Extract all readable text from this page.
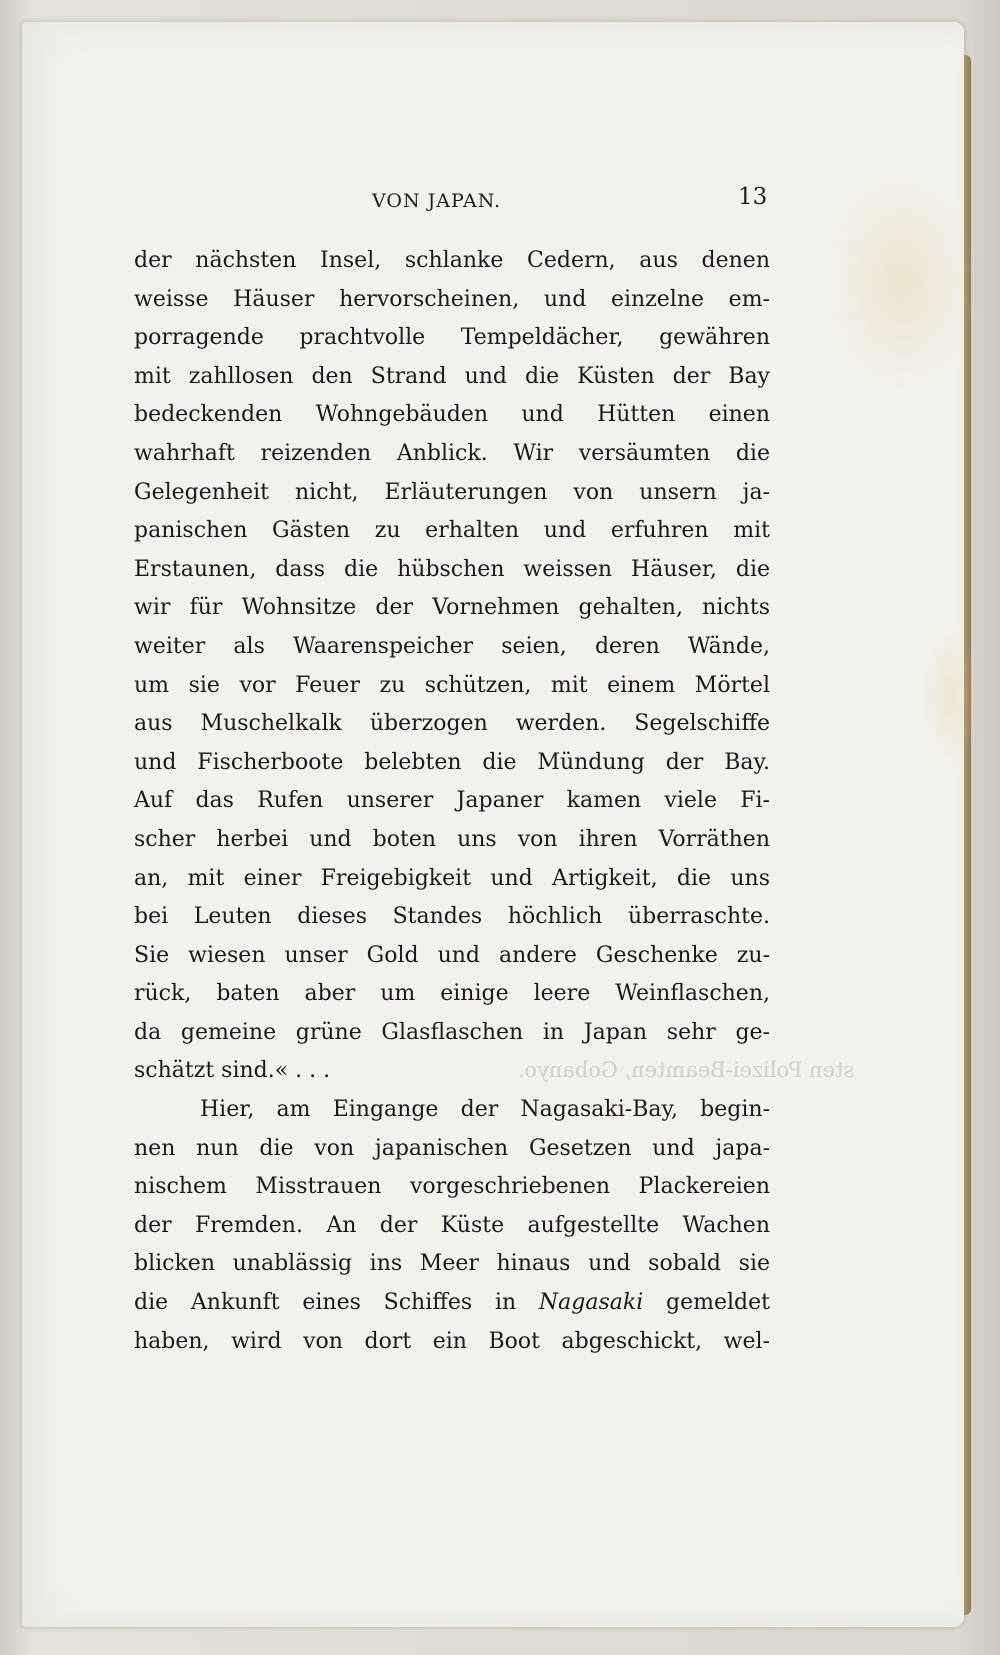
VON JAPAN.	13
sten Polizei-Beamten, Gobanyo.
der nächsten Insel, schlanke Cedern, aus denen
weisse Häuser hervorscheinen, und einzelne em-
porragende prachtvolle Tempeldächer, gewähren
mit zahllosen den Strand und die Küsten der Bay
bedeckenden Wohngebäuden und Hütten einen
wahrhaft reizenden Anblick. Wir versäumten die
Gelegenheit nicht, Erläuterungen von unsern ja-
panischen Gästen zu erhalten und erfuhren mit
Erstaunen, dass die hübschen weissen Häuser, die
wir für Wohnsitze der Vornehmen gehalten, nichts
weiter als Waarenspeicher seien, deren Wände,
um sie vor Feuer zu schützen, mit einem Mörtel
aus Muschelkalk überzogen werden. Segelschiffe
und Fischerboote belebten die Mündung der Bay.
Auf das Rufen unserer Japaner kamen viele Fi-
scher herbei und boten uns von ihren Vorräthen
an, mit einer Freigebigkeit und Artigkeit, die uns
bei Leuten dieses Standes höchlich überraschte.
Sie wiesen unser Gold und andere Geschenke zu-
rück, baten aber um einige leere Weinflaschen,
da gemeine grüne Glasflaschen in Japan sehr ge-
schätzt sind.« . . .
Hier, am Eingange der Nagasaki-Bay, begin-
nen nun die von japanischen Gesetzen und japa-
nischem Misstrauen vorgeschriebenen Plackereien
der Fremden. An der Küste aufgestellte Wachen
blicken unablässig ins Meer hinaus und sobald sie
die Ankunft eines Schiffes in Nagasaki gemeldet
haben, wird von dort ein Boot abgeschickt, wel-
